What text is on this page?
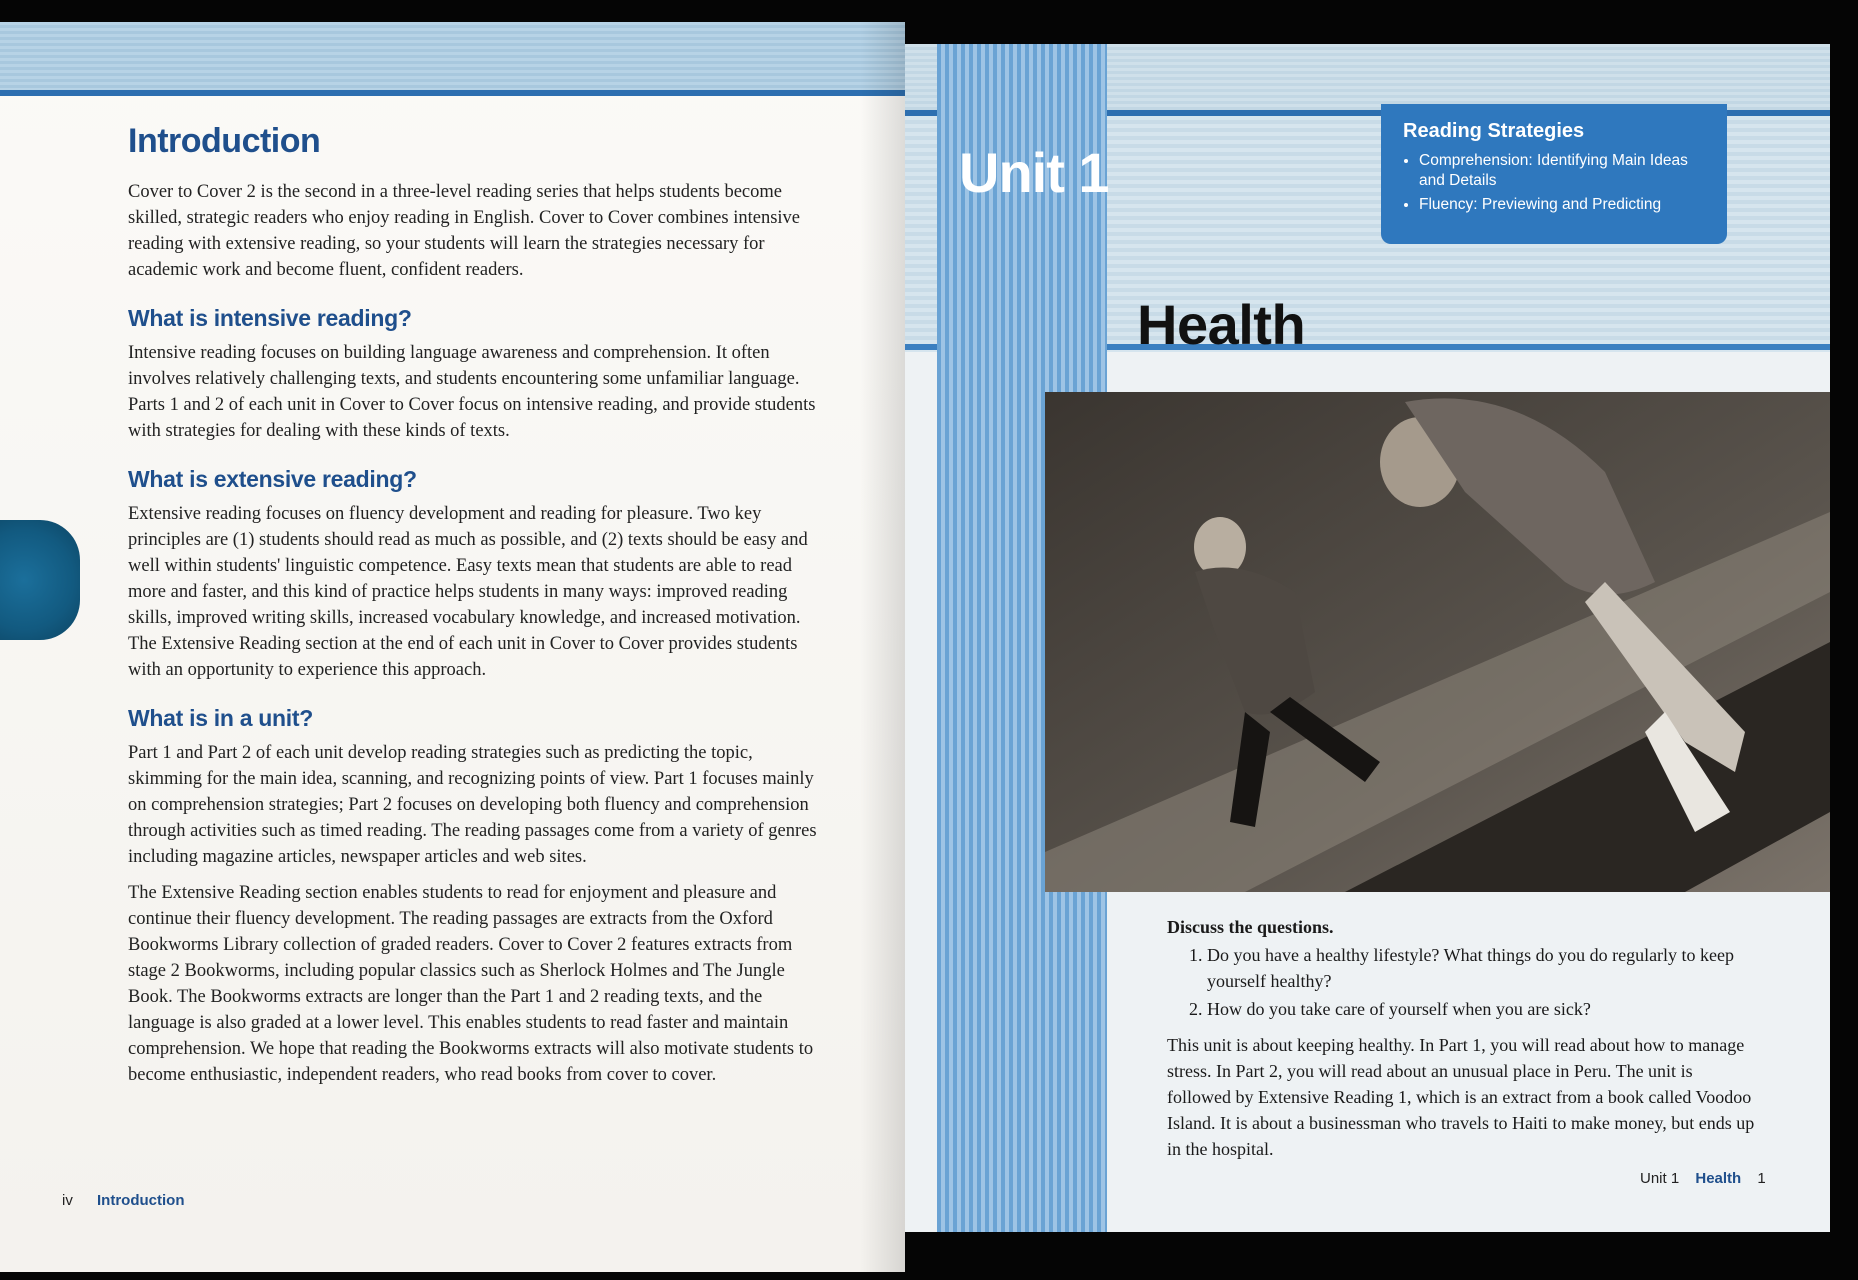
Introduction

Cover to Cover 2 is the second in a three-level reading series that helps students become skilled, strategic readers who enjoy reading in English. Cover to Cover combines intensive reading with extensive reading, so your students will learn the strategies necessary for academic work and become fluent, confident readers.

What is intensive reading?

Intensive reading focuses on building language awareness and comprehension. It often involves relatively challenging texts, and students encountering some unfamiliar language. Parts 1 and 2 of each unit in Cover to Cover focus on intensive reading, and provide students with strategies for dealing with these kinds of texts.

What is extensive reading?

Extensive reading focuses on fluency development and reading for pleasure. Two key principles are (1) students should read as much as possible, and (2) texts should be easy and well within students' linguistic competence. Easy texts mean that students are able to read more and faster, and this kind of practice helps students in many ways: improved reading skills, improved writing skills, increased vocabulary knowledge, and increased motivation. The Extensive Reading section at the end of each unit in Cover to Cover provides students with an opportunity to experience this approach.

What is in a unit?

Part 1 and Part 2 of each unit develop reading strategies such as predicting the topic, skimming for the main idea, scanning, and recognizing points of view. Part 1 focuses mainly on comprehension strategies; Part 2 focuses on developing both fluency and comprehension through activities such as timed reading. The reading passages come from a variety of genres including magazine articles, newspaper articles and web sites.

The Extensive Reading section enables students to read for enjoyment and pleasure and continue their fluency development. The reading passages are extracts from the Oxford Bookworms Library collection of graded readers. Cover to Cover 2 features extracts from stage 2 Bookworms, including popular classics such as Sherlock Holmes and The Jungle Book. The Bookworms extracts are longer than the Part 1 and 2 reading texts, and the language is also graded at a lower level. This enables students to read faster and maintain comprehension. We hope that reading the Bookworms extracts will also motivate students to become enthusiastic, independent readers, who read books from cover to cover.

iv Introduction
Unit 1
Reading Strategies
• Comprehension: Identifying Main Ideas and Details
• Fluency: Previewing and Predicting
Health
Discuss the questions.
1. Do you have a healthy lifestyle? What things do you do regularly to keep yourself healthy?
2. How do you take care of yourself when you are sick?

This unit is about keeping healthy. In Part 1, you will read about how to manage stress. In Part 2, you will read about an unusual place in Peru. The unit is followed by Extensive Reading 1, which is an extract from a book called Voodoo Island. It is about a businessman who travels to Haiti to make money, but ends up in the hospital.

Unit 1 Health 1
